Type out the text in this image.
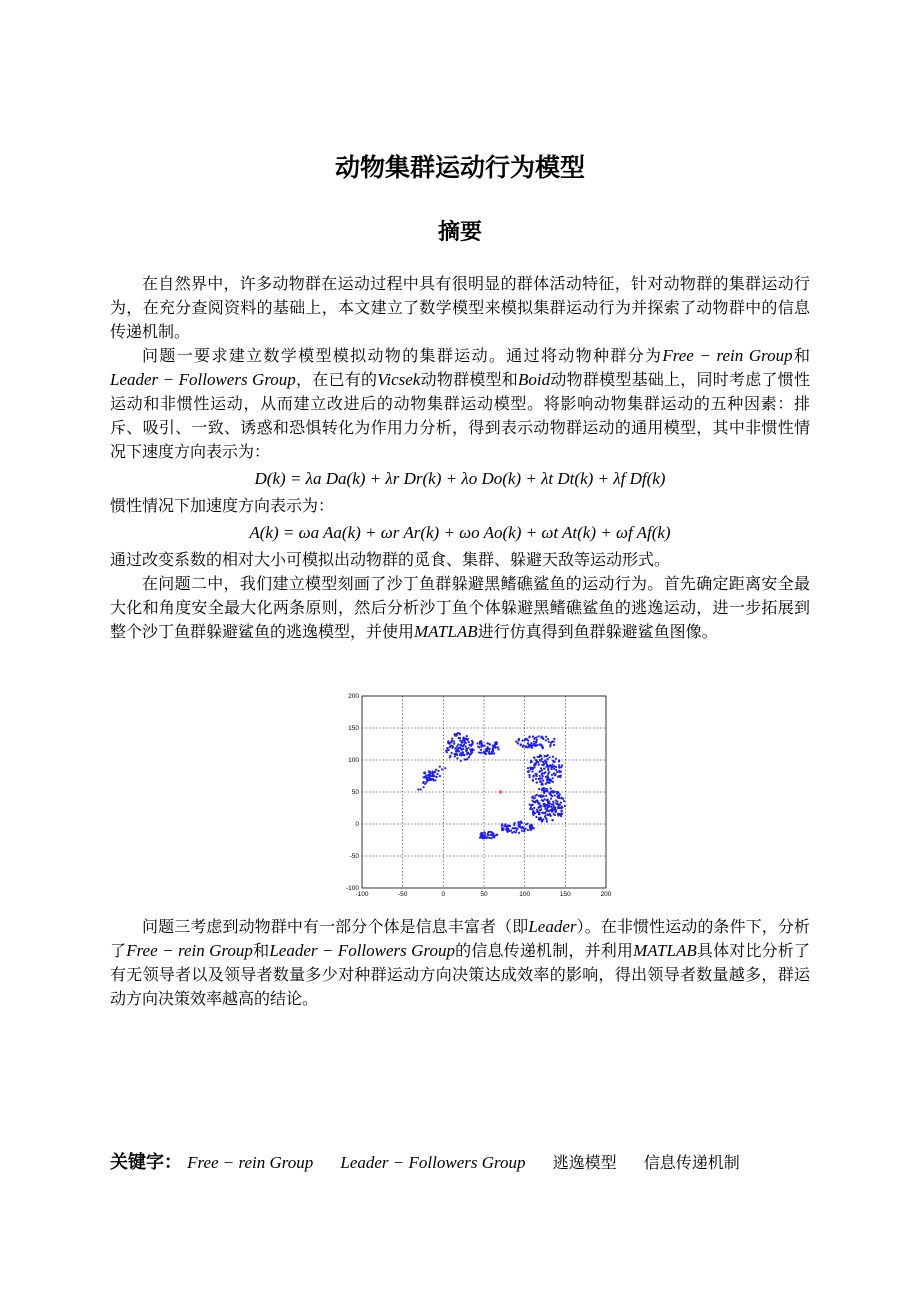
动物集群运动行为模型
摘要

在自然界中，许多动物群在运动过程中具有很明显的群体活动特征，针对动物群的集群运动行为，在充分查阅资料的基础上，本文建立了数学模型来模拟集群运动行为并探索了动物群中的信息传递机制。

问题一要求建立数学模型模拟动物的集群运动。通过将动物种群分为Free − rein Group和Leader − Followers Group，在已有的Vicsek动物群模型和Boid动物群模型基础上，同时考虑了惯性运动和非惯性运动，从而建立改进后的动物集群运动模型。将影响动物集群运动的五种因素：排斥、吸引、一致、诱惑和恐惧转化为作用力分析，得到表示动物群运动的通用模型，其中非惯性情况下速度方向表示为：

D(k) = λa Da(k) + λr Dr(k) + λo Do(k) + λt Dt(k) + λf Df(k)

惯性情况下加速度方向表示为：

A(k) = ωa Aa(k) + ωr Ar(k) + ωo Ao(k) + ωt At(k) + ωf Af(k)

通过改变系数的相对大小可模拟出动物群的觅食、集群、躲避天敌等运动形式。

在问题二中，我们建立模型刻画了沙丁鱼群躲避黑鳍礁鲨鱼的运动行为。首先确定距离安全最大化和角度安全最大化两条原则，然后分析沙丁鱼个体躲避黑鳍礁鲨鱼的逃逸运动，进一步拓展到整个沙丁鱼群躲避鲨鱼的逃逸模型，并使用MATLAB进行仿真得到鱼群躲避鲨鱼图像。

-100	-50	0	50	100	150	200
200
150
100
50
0
-50
-100

问题三考虑到动物群中有一部分个体是信息丰富者（即Leader）。在非惯性运动的条件下，分析了Free − rein Group和Leader − Followers Group的信息传递机制，并利用MATLAB具体对比分析了有无领导者以及领导者数量多少对种群运动方向决策达成效率的影响，得出领导者数量越多，群运动方向决策效率越高的结论。

关键字： Free − rein Group Leader − Followers Group 逃逸模型 信息传递机制
